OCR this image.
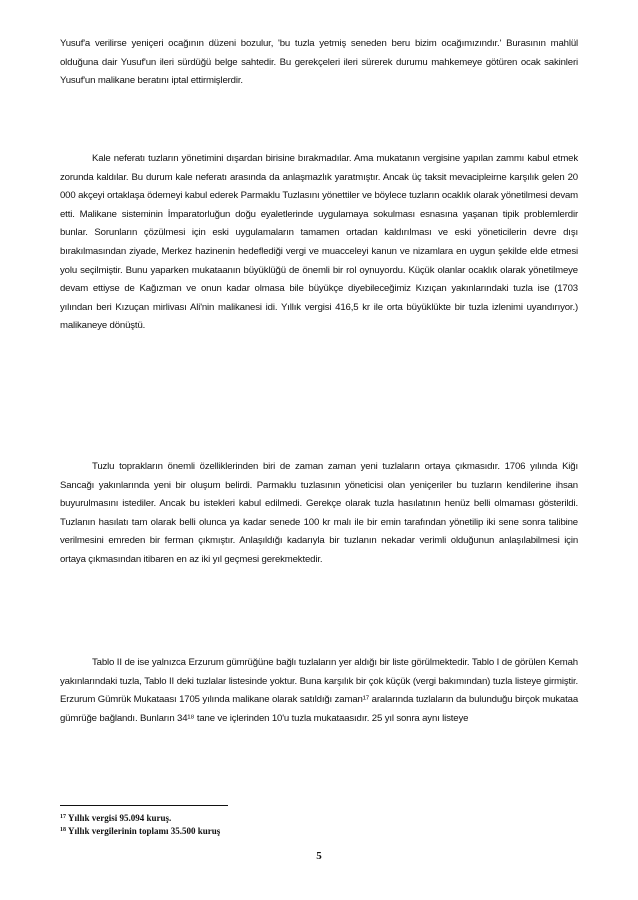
Yusuf'a verilirse yeniçeri ocağının düzeni bozulur, 'bu tuzla yetmiş seneden beru bizim ocağımızındır.' Burasının mahlül olduğuna dair Yusuf'un ileri sürdüğü belge sahtedir. Bu gerekçeleri ileri sürerek durumu mahkemeye götüren ocak sakinleri Yusuf'un malikane beratını iptal ettirmişlerdir.

Kale neferatı tuzların yönetimini dışardan birisine bırakmadılar. Ama mukatanın vergisine yapılan zammı kabul etmek zorunda kaldılar. Bu durum kale neferatı arasında da anlaşmazlık yaratmıştır. Ancak üç taksit mevacipleirne karşılık gelen 20 000 akçeyi ortaklaşa ödemeyi kabul ederek Parmaklu Tuzlasını yönettiler ve böylece tuzların ocaklık olarak yönetilmesi devam etti. Malikane sisteminin İmparatorluğun doğu eyaletlerinde uygulamaya sokulması esnasına yaşanan tipik problemlerdir bunlar. Sorunların çözülmesi için eski uygulamaların tamamen ortadan kaldırılması ve eski yöneticilerin devre dışı bırakılmasından ziyade, Merkez hazinenin hedeflediği vergi ve muacceleyi kanun ve nizamlara en uygun şekilde elde etmesi yolu seçilmiştir. Bunu yaparken mukataanın büyüklüğü de önemli bir rol oynuyordu. Küçük olanlar ocaklık olarak yönetilmeye devam ettiyse de Kağızman ve onun kadar olmasa bile büyükçe diyebileceğimiz Kızıçan yakınlarındaki tuzla ise (1703 yılından beri Kızuçan mirlivası Ali'nin malikanesi idi. Yıllık vergisi 416,5 kr ile orta büyüklükte bir tuzla izlenimi uyandırıyor.) malikaneye dönüştü.

Tuzlu toprakların önemli özelliklerinden biri de zaman zaman yeni tuzlaların ortaya çıkmasıdır. 1706 yılında Kiğı Sancağı yakınlarında yeni bir oluşum belirdi. Parmaklu tuzlasının yöneticisi olan yeniçeriler bu tuzların kendilerine ihsan buyurulmasını istediler. Ancak bu istekleri kabul edilmedi. Gerekçe olarak tuzla hasılatının henüz belli olmaması gösterildi. Tuzlanın hasılatı tam olarak belli olunca ya kadar senede 100 kr malı ile bir emin tarafından yönetilip iki sene sonra talibine verilmesini emreden bir ferman çıkmıştır. Anlaşıldığı kadarıyla bir tuzlanın nekadar verimli olduğunun anlaşılabilmesi için ortaya çıkmasından itibaren en az iki yıl geçmesi gerekmektedir.

Tablo II de ise yalnızca Erzurum gümrüğüne bağlı tuzlaların yer aldığı bir liste görülmektedir. Tablo I de görülen Kemah yakınlarındaki tuzla, Tablo II deki tuzlalar listesinde yoktur. Buna karşılık bir çok küçük (vergi bakımından) tuzla listeye girmiştir. Erzurum Gümrük Mukataası 1705 yılında malikane olarak satıldığı zaman¹⁷ aralarında tuzlaların da bulunduğu birçok mukataa gümrüğe bağlandı. Bunların 34¹⁸ tane ve içlerinden 10'u tuzla mukataasıdır. 25 yıl sonra aynı listeye

$^{17}$ Yıllık vergisi 95.094 kuruş.
$^{18}$ Yıllık vergilerinin toplamı 35.500 kuruş
5
